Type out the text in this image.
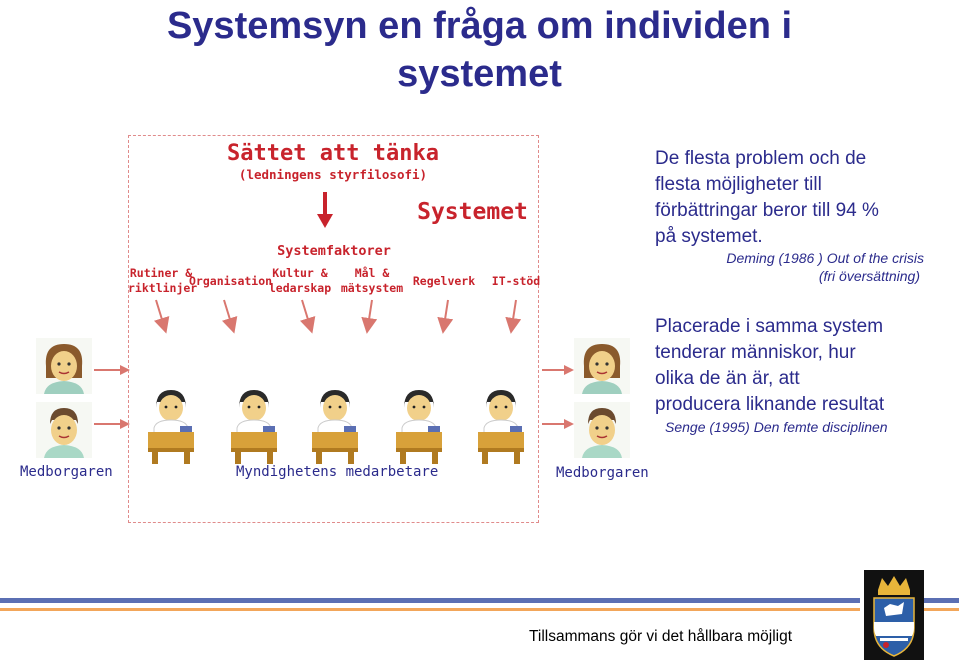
Systemsyn en fråga om individen i
systemet
Sättet att tänka
(ledningens styrfilosofi)
Systemet
Systemfaktorer
Rutiner &
riktlinjer
Organisation
Kultur &
ledarskap
Mål &
mätsystem Regelverk	IT-stöd
Medborgaren	Myndighetens medarbetare	Medborgaren
De flesta problem och de
flesta möjligheter till
förbättringar beror till 94 %
på systemet.
Deming (1986 ) Out of the crisis
(fri översättning)
Placerade i samma system
tenderar människor, hur
olika de än är, att
producera liknande resultat
Senge (1995) Den femte disciplinen
Tillsammans gör vi det hållbara möjligt
